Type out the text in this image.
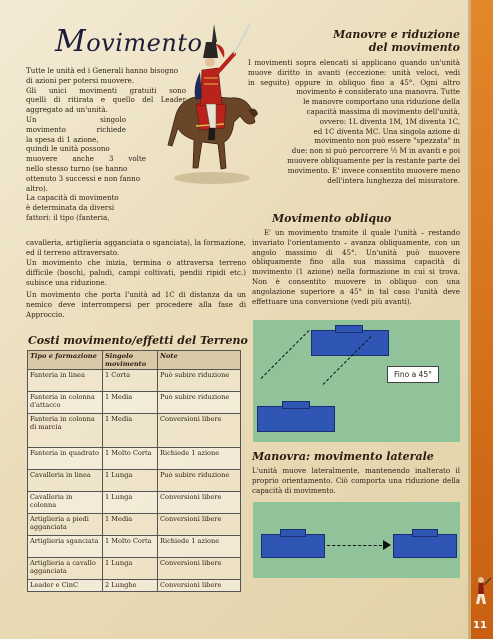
Movimento
Tutte le unità ed i Generali hanno bisogno
di azioni per potersi muovere.
Gli unici movimenti gratuiti sono
quelli di ritirata e quello del Leader
aggregato ad un'unità.
Un singolo
movimento richiede
la spesa di 1 azione,
quindi le unità possono
muovere anche 3 volte
nello stesso turno (se hanno
ottenuto 3 successi e non fanno
altro).
La capacità di movimento
è determinata da diversi
fattori: il tipo (fanteria,
cavalleria, artiglieria agganciata o sganciata), la formazione, ed il terreno attraversato.
Un movimento che inizia, termina o attraversa terreno difficile (boschi, paludi, campi coltivati, pendii ripidi etc.) subisce una riduzione.
Un movimento che porta l'unità ad 1C di distanza da un nemico deve interrompersi per procedere alla fase di Approccio.
Costi movimento/effetti del Terreno
Tipo e formazione	Singolo movimento	Note
Fanteria in linea	1 Corta	Può subire riduzione
Fanteria in colonna d'attacco	1 Media	Può subire riduzione
Fanteria in colonna di marcia	1 Media	Conversioni libere
Fanteria in quadrato	1 Molto Corta	Richiede 1 azione
Cavalleria in linea	1 Lunga	Può subire riduzione
Cavalleria in colonna	1 Lunga	Conversioni libere
Artiglieria a piedi agganciata	1 Media	Conversioni libere
Artiglieria sganciata	1 Molto Corta	Richiede 1 azione
Artiglieria a cavallo agganciata	1 Lunga	Conversioni libere
Leader e CinC	2 Lunghe	Conversioni libere
Manovre e riduzione
del movimento
I movimenti sopra elencati si applicano quando un'unità
muove diritto in avanti (eccezione: unità veloci, vedi
in seguito) oppure in obliquo fino a 45°. Ogni altro
movimento è considerato una manovra. Tutte
le manovre comportano una riduzione della
capacità massima di movimento dell'unità,
ovvero: 1L diventa 1M, 1M diventa 1C,
ed 1C diventa MC. Una singola azione di
movimento non può essere "spezzata" in
due: non si può percorrere ½ M in avanti e poi
muovere obliquamente per la restante parte del
movimento. E' invece consentito muovere meno
dell'intera lunghezza del misuratore.
Movimento obliquo
E' un movimento tramite il quale l'unità – restando invariato l'orientamento – avanza obliquamente, con un angolo massimo di 45°. Un'unità può muovere obliquamente fino alla sua massima capacità di movimento (1 azione) nella formazione in cui si trova. Non è consentito muovere in obliquo con una angolazione superiore a 45° in tal caso l'unità deve effettuare una conversione (vedi più avanti).
Fino a 45°
Manovra: movimento laterale
L'unità muove lateralmente, mantenendo inalterato il proprio orientamento. Ciò comporta una riduzione della capacità di movimento.
11
